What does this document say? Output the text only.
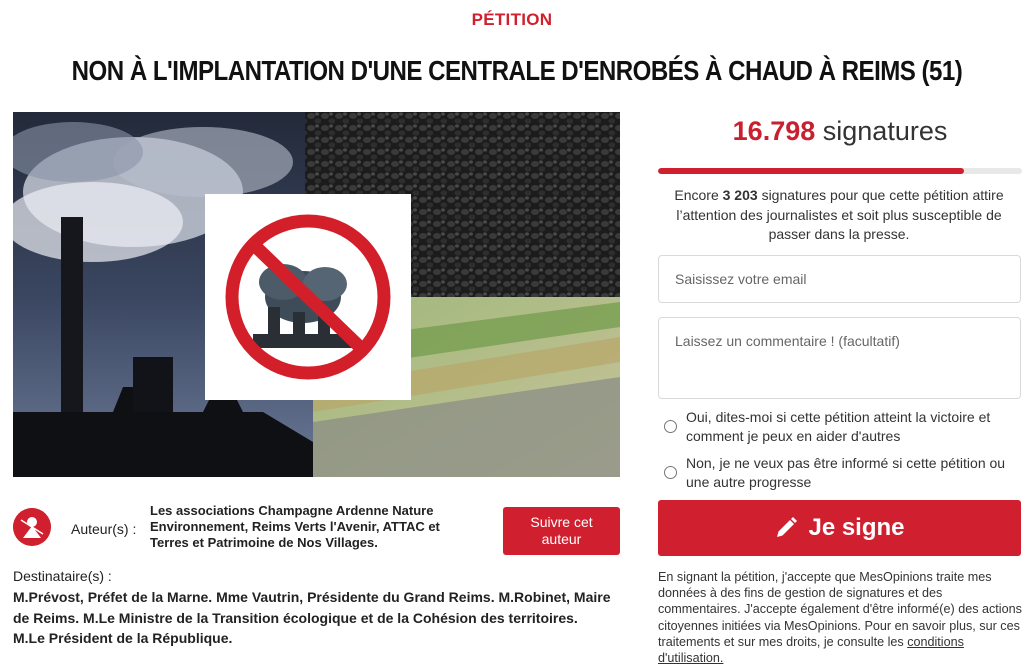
PÉTITION
NON À L'IMPLANTATION D'UNE CENTRALE D'ENROBÉS À CHAUD À REIMS (51)
Auteur(s) :
Les associations Champagne Ardenne Nature Environnement, Reims Verts l'Avenir, ATTAC et Terres et Patrimoine de Nos Villages.
Suivre cet auteur
Destinataire(s) :
M.Prévost, Préfet de la Marne. Mme Vautrin, Présidente du Grand Reims. M.Robinet, Maire de Reims. M.Le Ministre de la Transition écologique et de la Cohésion des territoires. M.Le Président de la République.
16.798 signatures
Encore 3 203 signatures pour que cette pétition attire l’attention des journalistes et soit plus susceptible de passer dans la presse.
Saisissez votre email
Laissez un commentaire ! (facultatif)
Oui, dites-moi si cette pétition atteint la victoire et comment je peux en aider d'autres
Non, je ne veux pas être informé si cette pétition ou une autre progresse
Je signe

En signant la pétition, j'accepte que MesOpinions traite mes données à des fins de gestion de signatures et des commentaires. J'accepte également d'être informé(e) des actions citoyennes initiées via MesOpinions. Pour en savoir plus, sur ces traitements et sur mes droits, je consulte les conditions d'utilisation.
